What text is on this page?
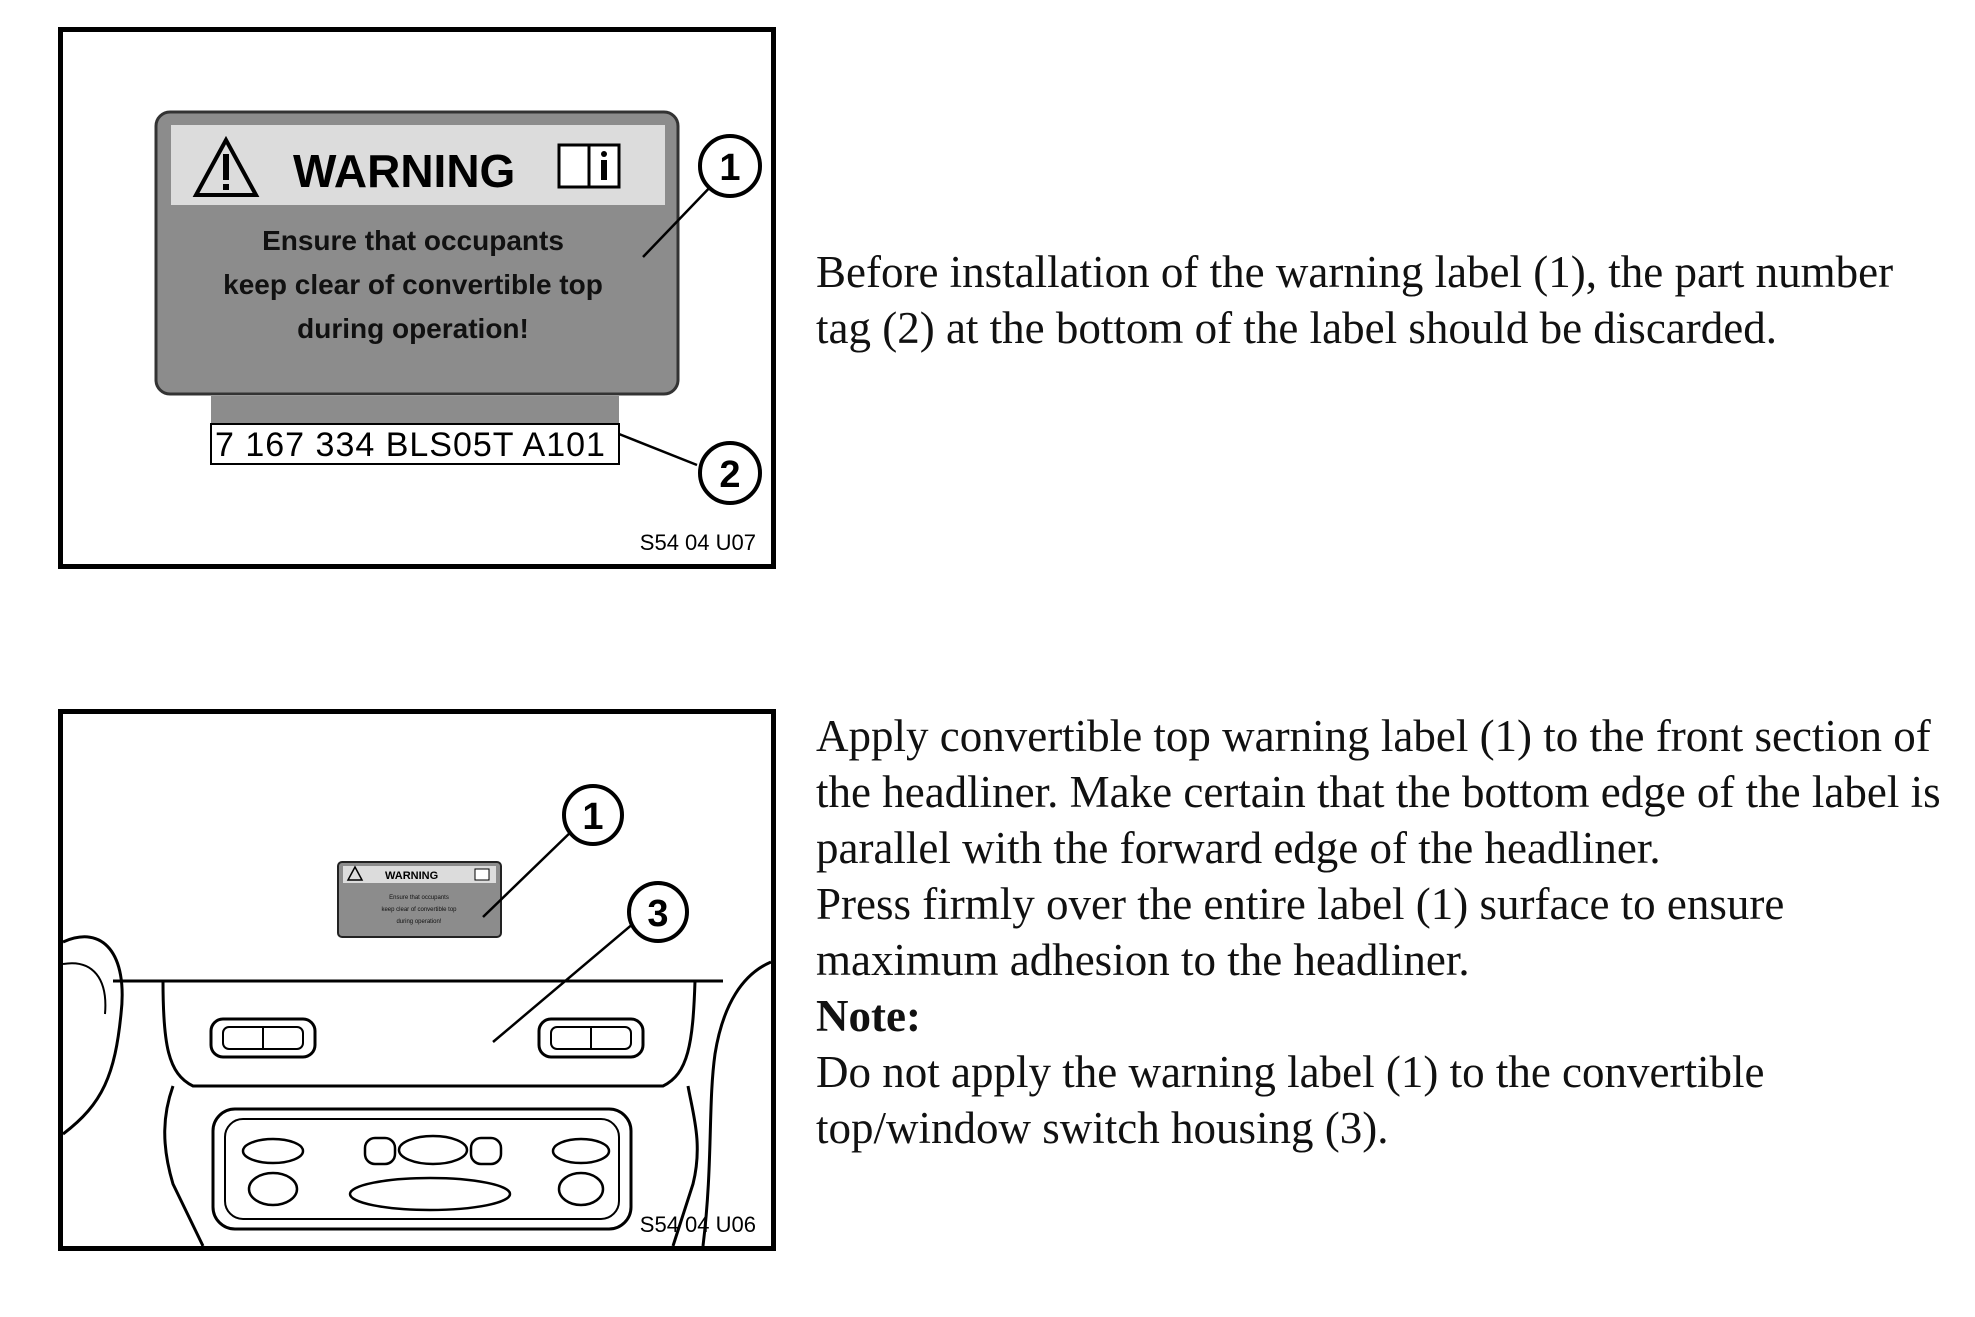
WARNING
Ensure that occupants
keep clear of convertible top
during operation!
7 167 334 BLS05T A101
1
2
S54 04 U07
WARNING
Ensure that occupants
keep clear of convertible top
during operation!
1
3
S54 04 U06

Before installation of the warning label (1), the part number tag (2) at the bottom of the label should be discarded.

Apply convertible top warning label (1) to the front section of the headliner. Make certain that the bottom edge of the label is parallel with the forward edge of the headliner.

Press firmly over the entire label (1) surface to ensure maximum adhesion to the headliner.

Note:

Do not apply the warning label (1) to the convertible top/window switch housing (3).
